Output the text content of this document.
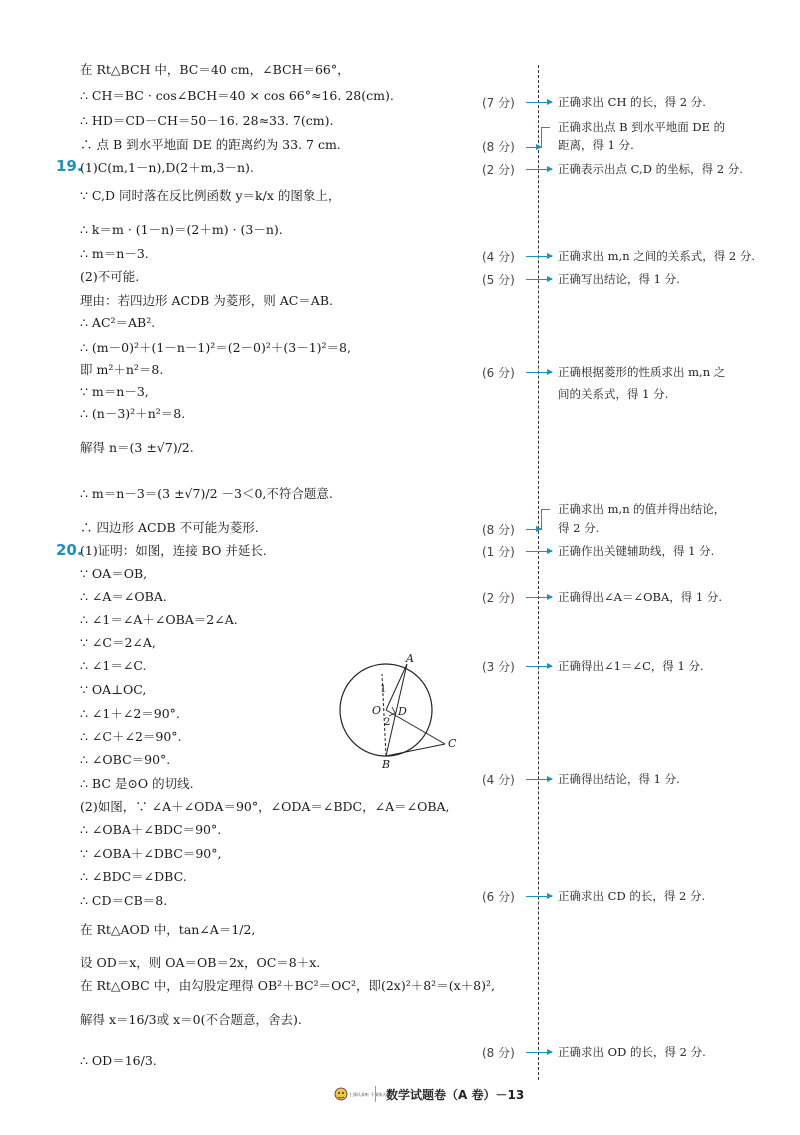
在 Rt△BCH 中，BC＝40 cm，∠BCH＝66°，
∴ CH＝BC · cos∠BCH＝40 × cos 66°≈16. 28(cm).
∴ HD＝CD－CH＝50－16. 28≈33. 7(cm).
∴ 点 B 到水平地面 DE 的距离约为 33. 7 cm.
19.
(1)C(m,1－n),D(2＋m,3－n).
∵ C,D 同时落在反比例函数 y＝k/x 的图象上，
∴ k＝m · (1－n)＝(2＋m) · (3－n).
∴ m＝n－3.
(2)不可能.
理由：若四边形 ACDB 为菱形，则 AC＝AB.
∴ AC²＝AB².
∴ (m－0)²＋(1－n－1)²＝(2－0)²＋(3－1)²＝8,
即 m²＋n²＝8.
∵ m＝n－3,
∴ (n－3)²＋n²＝8.
解得 n＝(3 ±√7)/2.
∴ m＝n－3＝(3 ±√7)/2 －3＜0,不符合题意.
∴ 四边形 ACDB 不可能为菱形.
20.
(1)证明：如图，连接 BO 并延长.
∵ OA＝OB,
∴ ∠A＝∠OBA.
∴ ∠1＝∠A＋∠OBA＝2∠A.
∵ ∠C＝2∠A,
∴ ∠1＝∠C.
∵ OA⊥OC,
∴ ∠1＋∠2＝90°.
∴ ∠C＋∠2＝90°.
∴ ∠OBC＝90°.
∴ BC 是⊙O 的切线.
(2)如图，∵ ∠A＋∠ODA＝90°，∠ODA＝∠BDC，∠A＝∠OBA,
∴ ∠OBA＋∠BDC＝90°.
∵ ∠OBA＋∠DBC＝90°,
∴ ∠BDC＝∠DBC.
∴ CD＝CB＝8.
在 Rt△AOD 中，tan∠A＝1/2,
设 OD＝x，则 OA＝OB＝2x，OC＝8＋x.
在 Rt△OBC 中，由勾股定理得 OB²＋BC²＝OC²，即(2x)²＋8²＝(x＋8)²,
解得 x＝16/3或 x＝0(不合题意，舍去).
∴ OD＝16/3.
A
1
O D
2
C
B
(7 分)
(8 分)
(2 分)
(4 分)
(5 分)
(6 分)
(8 分)
(1 分)
(2 分)
(3 分)
(4 分)
(6 分)
(8 分)
正确求出 CH 的长，得 2 分.
正确求出点 B 到水平地面 DE 的
距离，得 1 分.
正确表示出点 C,D 的坐标，得 2 分.
正确求出 m,n 之间的关系式，得 2 分.
正确写出结论，得 1 分.
正确根据菱形的性质求出 m,n 之
间的关系式，得 1 分.
正确求出 m,n 的值并得出结论，
得 2 分.
正确作出关键辅助线，得 1 分.
正确得出∠A＝∠OBA，得 1 分.
正确得出∠1＝∠C，得 1 分.
正确得出结论，得 1 分.
正确求出 CD 的长，得 2 分.
正确求出 OD 的长，得 2 分.
上课认真听 下课练天天
数学试题卷（A 卷）－13
